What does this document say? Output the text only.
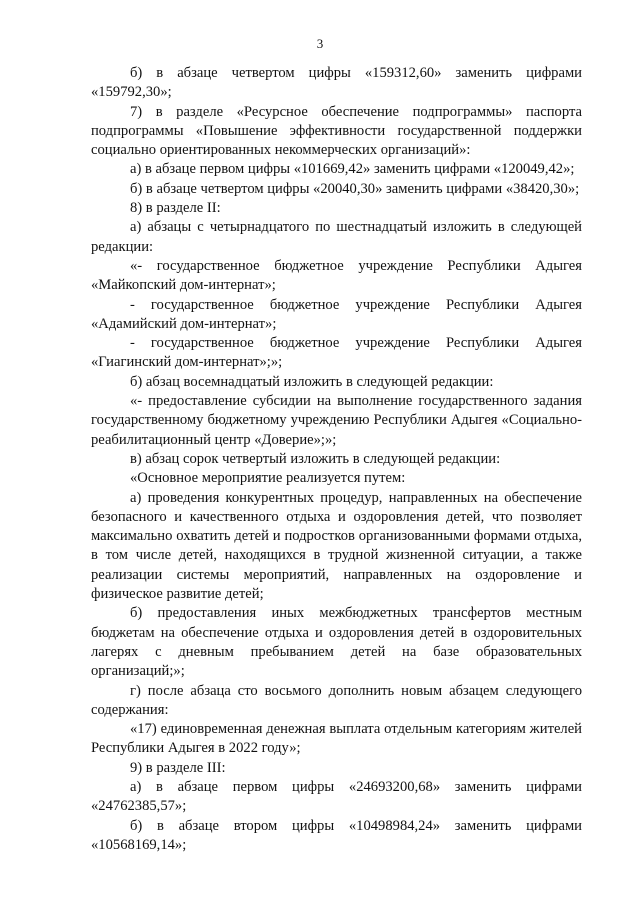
3

б) в абзаце четвертом цифры «159312,60» заменить цифрами «159792,30»;

7) в разделе «Ресурсное обеспечение подпрограммы» паспорта подпрограммы «Повышение эффективности государственной поддержки социально ориентированных некоммерческих организаций»:

а) в абзаце первом цифры «101669,42» заменить цифрами «120049,42»;

б) в абзаце четвертом цифры «20040,30» заменить цифрами «38420,30»;

8) в разделе II:

а) абзацы с четырнадцатого по шестнадцатый изложить в следующей редакции:

«- государственное бюджетное учреждение Республики Адыгея «Майкопский дом-интернат»;

- государственное бюджетное учреждение Республики Адыгея «Адамийский дом-интернат»;

- государственное бюджетное учреждение Республики Адыгея «Гиагинский дом-интернат»;»;

б) абзац восемнадцатый изложить в следующей редакции:

«- предоставление субсидии на выполнение государственного задания государственному бюджетному учреждению Республики Адыгея «Социально-реабилитационный центр «Доверие»;»;

в) абзац сорок четвертый изложить в следующей редакции:

«Основное мероприятие реализуется путем:

а) проведения конкурентных процедур, направленных на обеспечение безопасного и качественного отдыха и оздоровления детей, что позволяет максимально охватить детей и подростков организованными формами отдыха, в том числе детей, находящихся в трудной жизненной ситуации, а также реализации системы мероприятий, направленных на оздоровление и физическое развитие детей;

б) предоставления иных межбюджетных трансфертов местным бюджетам на обеспечение отдыха и оздоровления детей в оздоровительных лагерях с дневным пребыванием детей на базе образовательных организаций;»;

г) после абзаца сто восьмого дополнить новым абзацем следующего содержания:

«17) единовременная денежная выплата отдельным категориям жителей Республики Адыгея в 2022 году»;

9) в разделе III:

а) в абзаце первом цифры «24693200,68» заменить цифрами «24762385,57»;

б) в абзаце втором цифры «10498984,24» заменить цифрами «10568169,14»;
